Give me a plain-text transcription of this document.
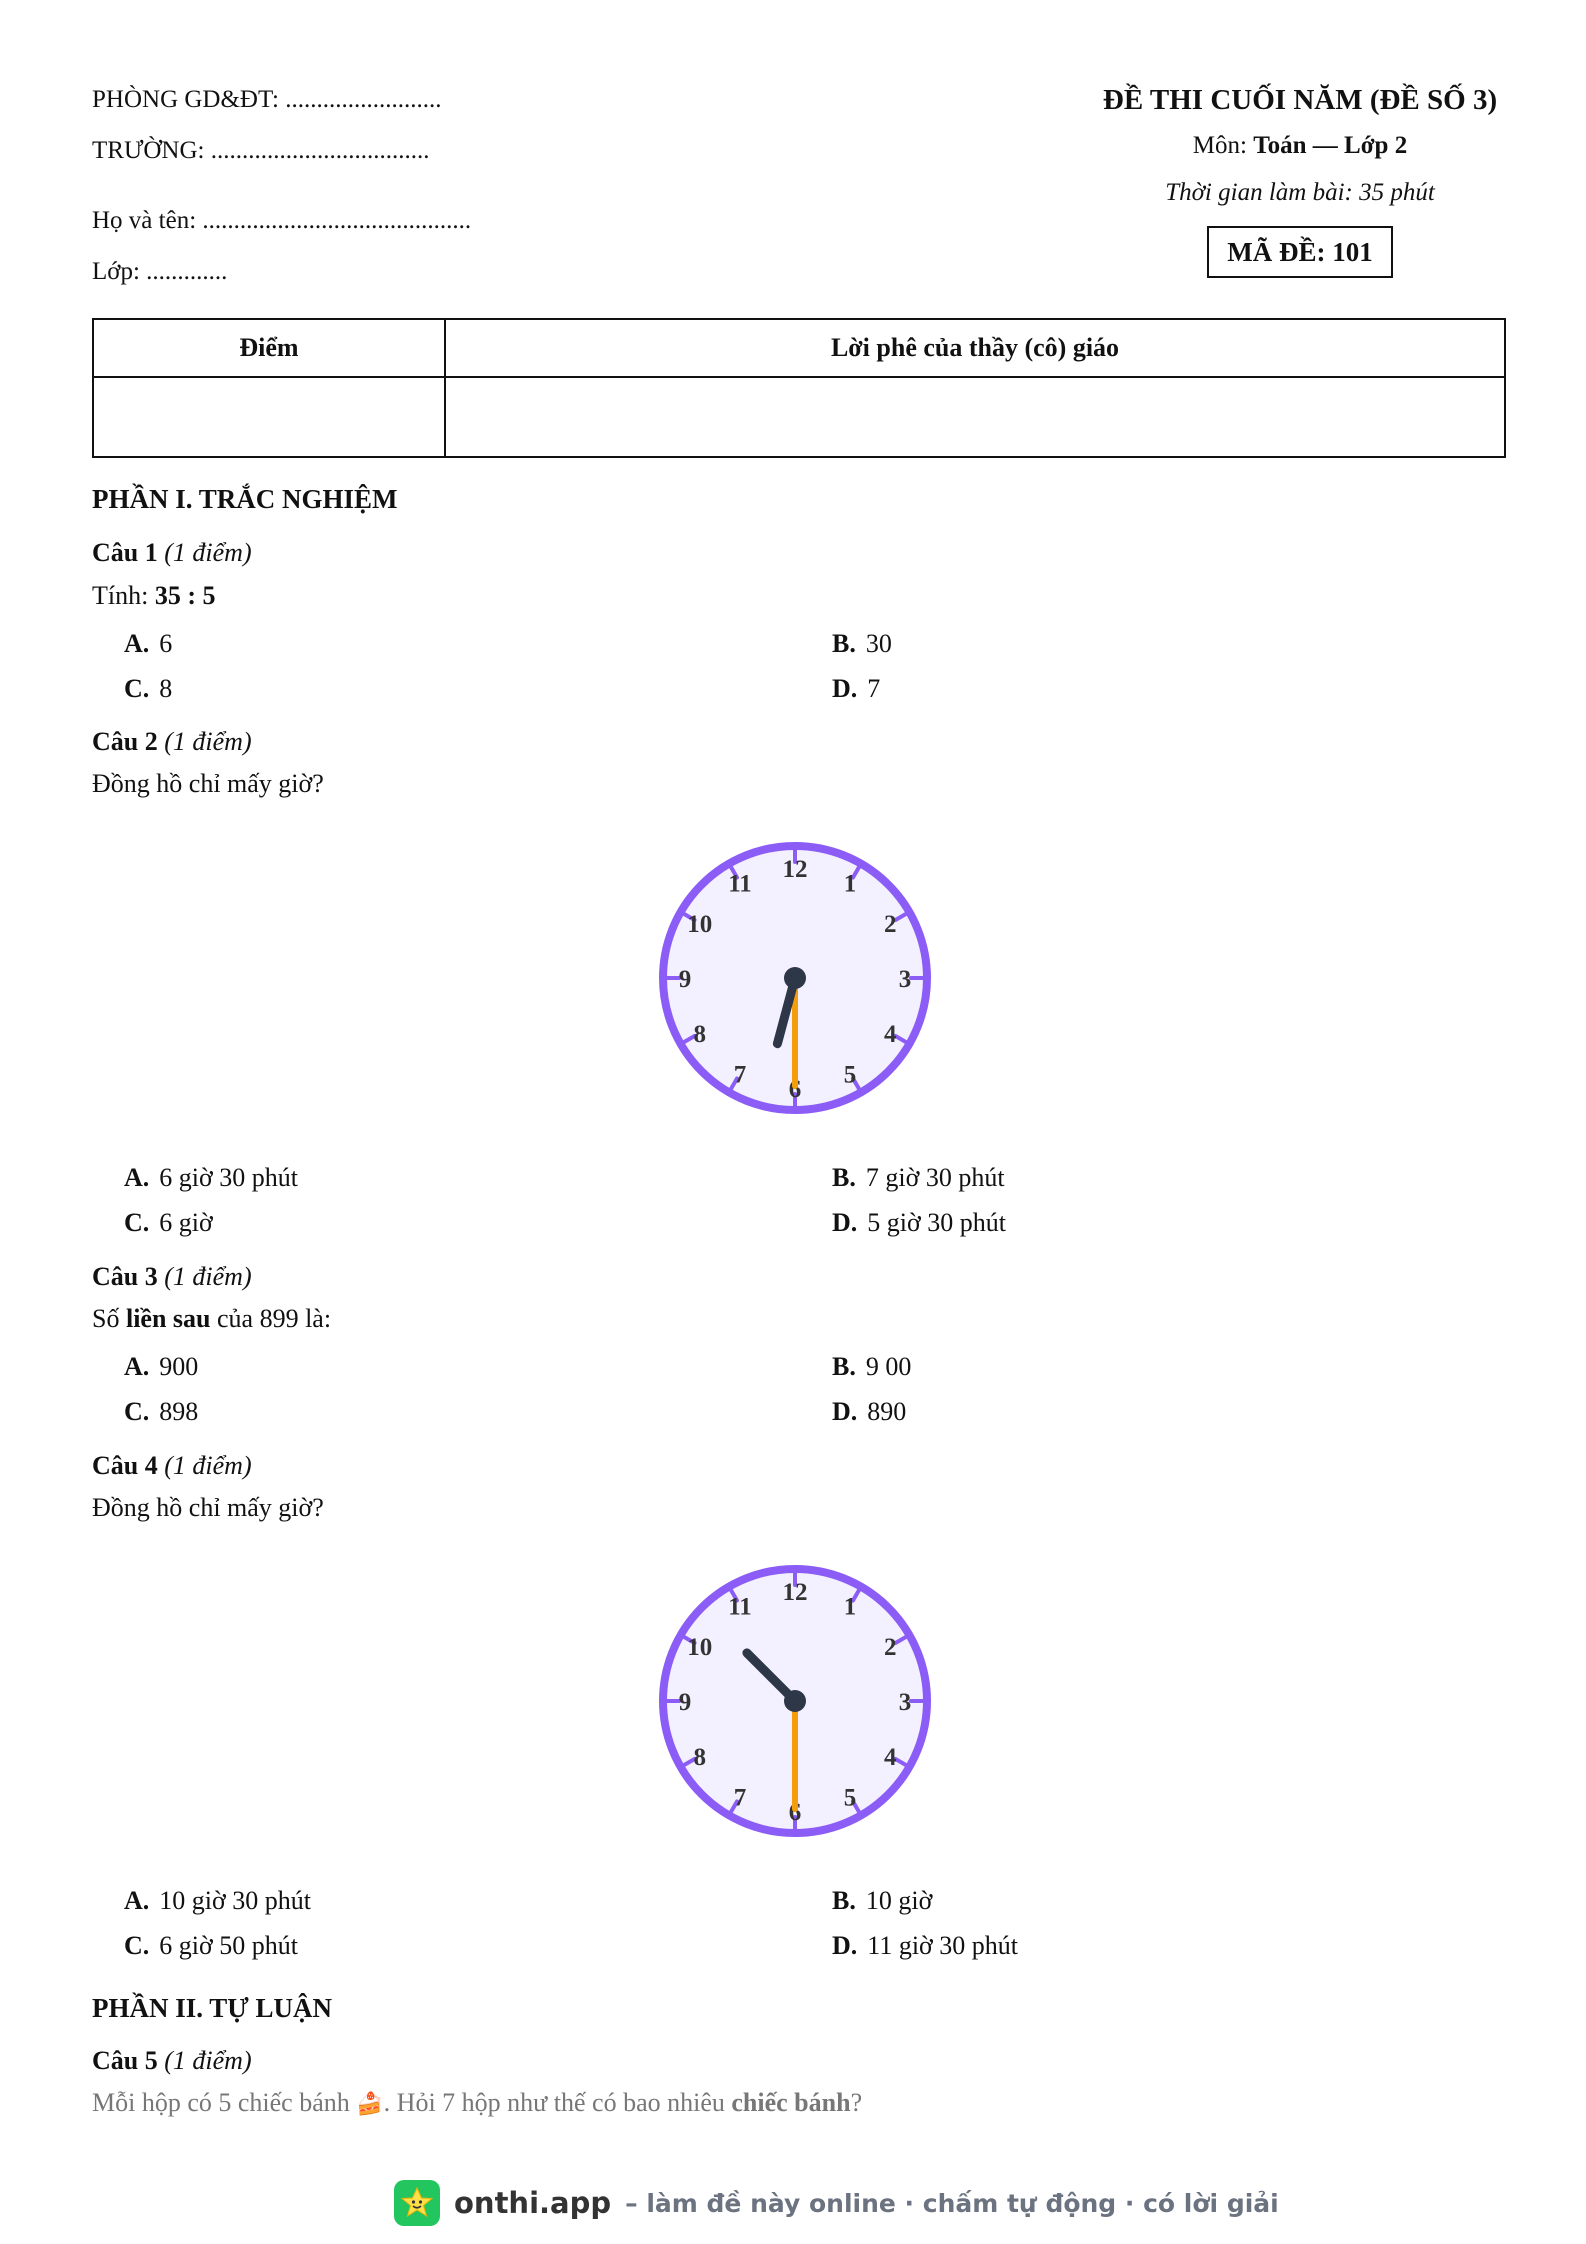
PHÒNG GD&ĐT: .........................
TRƯỜNG: ...................................
Họ và tên: ...........................................
Lớp: .............
ĐỀ THI CUỐI NĂM (ĐỀ SỐ 3)
Môn: Toán — Lớp 2
Thời gian làm bài: 35 phút
MÃ ĐỀ: 101
Điểm	Lời phê của thầy (cô) giáo

PHẦN I. TRẮC NGHIỆM
Câu 1 (1 điểm)
Tính: 35 : 5
A. 6	B. 30
C. 8	D. 7
Câu 2 (1 điểm)
Đồng hồ chỉ mấy giờ?
12
1
2
3
4
5
6
7
8
9
10
11
A. 6 giờ 30 phút	B. 7 giờ 30 phút
C. 6 giờ	D. 5 giờ 30 phút
Câu 3 (1 điểm)
Số liền sau của 899 là:
A. 900	B. 9 00
C. 898	D. 890
Câu 4 (1 điểm)
Đồng hồ chỉ mấy giờ?
12
1
2
3
4
5
6
7
8
9
10
11
A. 10 giờ 30 phút	B. 10 giờ
C. 6 giờ 50 phút	D. 11 giờ 30 phút
PHẦN II. TỰ LUẬN
Câu 5 (1 điểm)
Mỗi hộp có 5 chiếc bánh 🍰. Hỏi 7 hộp như thế có bao nhiêu chiếc bánh?
onthi.app – làm đề này online · chấm tự động · có lời giải
